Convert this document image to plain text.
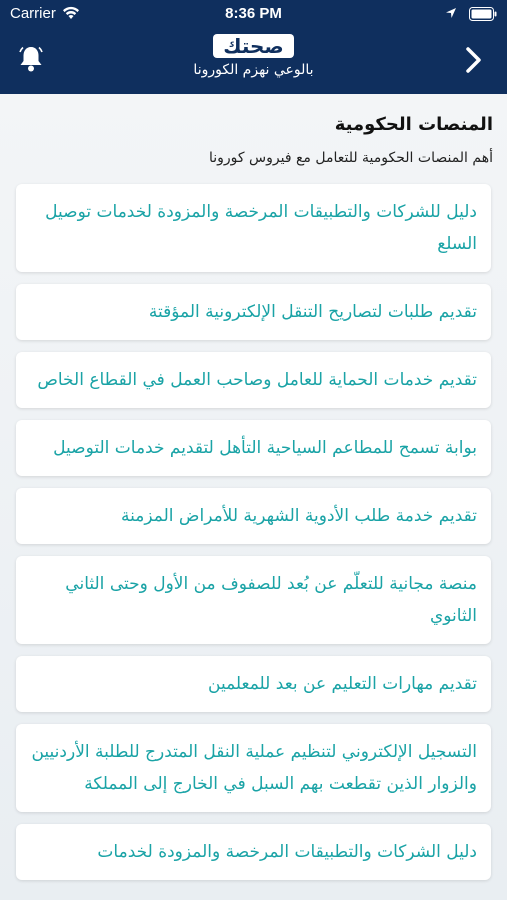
Carrier	8:36 PM
صحتك
بالوعي نهزم الكورونا
المنصات الحكومية
أهم المنصات الحكومية للتعامل مع فيروس كورونا
دليل للشركات والتطبيقات المرخصة والمزودة لخدمات توصيل السلع
تقديم طلبات لتصاريح التنقل الإلكترونية المؤقتة
تقديم خدمات الحماية للعامل وصاحب العمل في القطاع الخاص
بوابة تسمح للمطاعم السياحية التأهل لتقديم خدمات التوصيل
تقديم خدمة طلب الأدوية الشهرية للأمراض المزمنة
منصة مجانية للتعلّم عن بُعد للصفوف من الأول وحتى الثاني الثانوي
تقديم مهارات التعليم عن بعد للمعلمين
التسجيل الإلكتروني لتنظيم عملية النقل المتدرج للطلبة الأردنيين والزوار الذين تقطعت بهم السبل في الخارج إلى المملكة
دليل الشركات والتطبيقات المرخصة والمزودة لخدمات
